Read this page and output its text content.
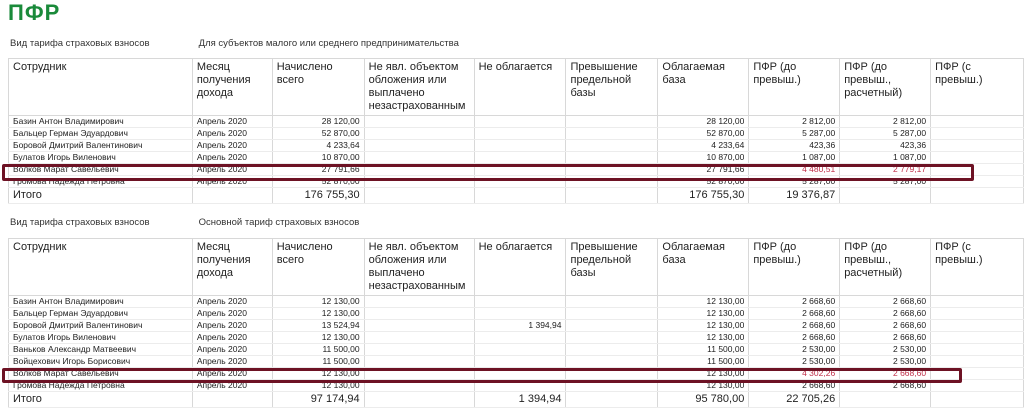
ПФР
Вид тарифа страховых взносов	Для субъектов малого или среднего предпринимательства
Сотрудник	Месяц получения дохода	Начислено всего	Не явл. объектом обложения или выплачено незастрахованным	Не облагается	Превышение предельной базы	Облагаемая база	ПФР (до превыш.)	ПФР (до превыш., расчетный)	ПФР (с превыш.)
Базин Антон Владимирович	Апрель 2020	28 120,00				28 120,00	2 812,00	2 812,00	
Бальцер Герман Эдуардович	Апрель 2020	52 870,00				52 870,00	5 287,00	5 287,00	
Боровой Дмитрий Валентинович	Апрель 2020	4 233,64				4 233,64	423,36	423,36	
Булатов Игорь Виленович	Апрель 2020	10 870,00				10 870,00	1 087,00	1 087,00	
Волков Марат Савельевич	Апрель 2020	27 791,66				27 791,66	4 480,51	2 779,17	
Громова Надежда Петровна	Апрель 2020	52 870,00				52 870,00	5 287,00	5 287,00	
Итого		176 755,30				176 755,30	19 376,87		
Вид тарифа страховых взносов	Основной тариф страховых взносов
Сотрудник	Месяц получения дохода	Начислено всего	Не явл. объектом обложения или выплачено незастрахованным	Не облагается	Превышение предельной базы	Облагаемая база	ПФР (до превыш.)	ПФР (до превыш., расчетный)	ПФР (с превыш.)
Базин Антон Владимирович	Апрель 2020	12 130,00				12 130,00	2 668,60	2 668,60	
Бальцер Герман Эдуардович	Апрель 2020	12 130,00				12 130,00	2 668,60	2 668,60	
Боровой Дмитрий Валентинович	Апрель 2020	13 524,94		1 394,94		12 130,00	2 668,60	2 668,60	
Булатов Игорь Виленович	Апрель 2020	12 130,00				12 130,00	2 668,60	2 668,60	
Ваньков Александр Матвеевич	Апрель 2020	11 500,00				11 500,00	2 530,00	2 530,00	
Войцехович Игорь Борисович	Апрель 2020	11 500,00				11 500,00	2 530,00	2 530,00	
Волков Марат Савельевич	Апрель 2020	12 130,00				12 130,00	4 302,26	2 668,60	
Громова Надежда Петровна	Апрель 2020	12 130,00				12 130,00	2 668,60	2 668,60	
Итого		97 174,94		1 394,94		95 780,00	22 705,26		
